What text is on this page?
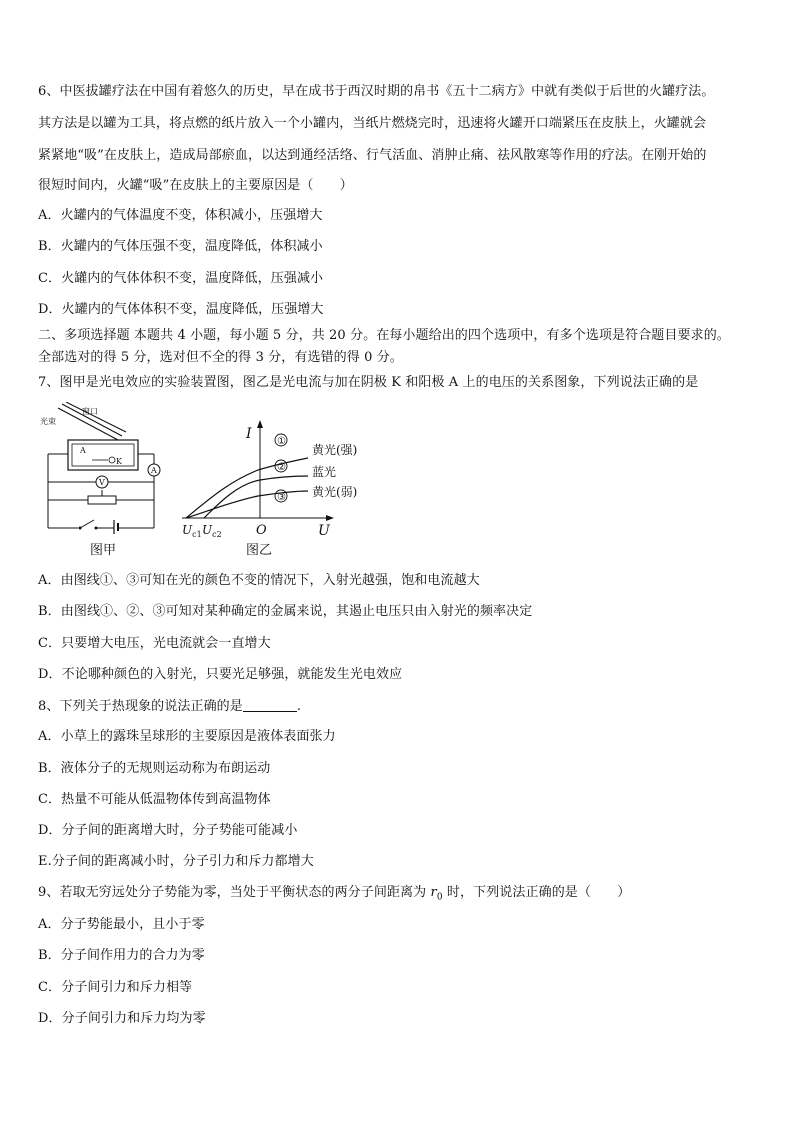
6、中医拔罐疗法在中国有着悠久的历史，早在成书于西汉时期的帛书《五十二病方》中就有类似于后世的火罐疗法。
其方法是以罐为工具，将点燃的纸片放入一个小罐内，当纸片燃烧完时，迅速将火罐开口端紧压在皮肤上，火罐就会
紧紧地“吸”在皮肤上，造成局部瘀血，以达到通经活络、行气活血、消肿止痛、祛风散寒等作用的疗法。在刚开始的
很短时间内，火罐“吸”在皮肤上的主要原因是（　　）
A．火罐内的气体温度不变，体积减小，压强增大
B．火罐内的气体压强不变，温度降低，体积减小
C．火罐内的气体体积不变，温度降低，压强减小
D．火罐内的气体体积不变，温度降低，压强增大
二、多项选择题 本题共 4 小题，每小题 5 分，共 20 分。在每小题给出的四个选项中，有多个选项是符合题目要求的。
全部选对的得 5 分，选对但不全的得 3 分，有选错的得 0 分。
7、图甲是光电效应的实验装置图，图乙是光电流与加在阴极 K 和阳极 A 上的电压的关系图象，下列说法正确的是
光束
窗口
A
K
A
V
图甲
I
U
O
①
②
③
黄光(强)
蓝光
黄光(弱)
$U_{c1}$ $U_{c2}$
图乙
A．由图线①、③可知在光的颜色不变的情况下，入射光越强，饱和电流越大
B．由图线①、②、③可知对某种确定的金属来说，其遏止电压只由入射光的频率决定
C．只要增大电压，光电流就会一直增大
D．不论哪种颜色的入射光，只要光足够强，就能发生光电效应
8、下列关于热现象的说法正确的是	.
A．小草上的露珠呈球形的主要原因是液体表面张力
B．液体分子的无规则运动称为布朗运动
C．热量不可能从低温物体传到高温物体
D．分子间的距离增大时，分子势能可能减小
E.分子间的距离减小时，分子引力和斥力都增大
9、若取无穷远处分子势能为零，当处于平衡状态的两分子间距离为 $r_0$ 时，下列说法正确的是（　　）
A．分子势能最小，且小于零
B．分子间作用力的合力为零
C．分子间引力和斥力相等
D．分子间引力和斥力均为零
